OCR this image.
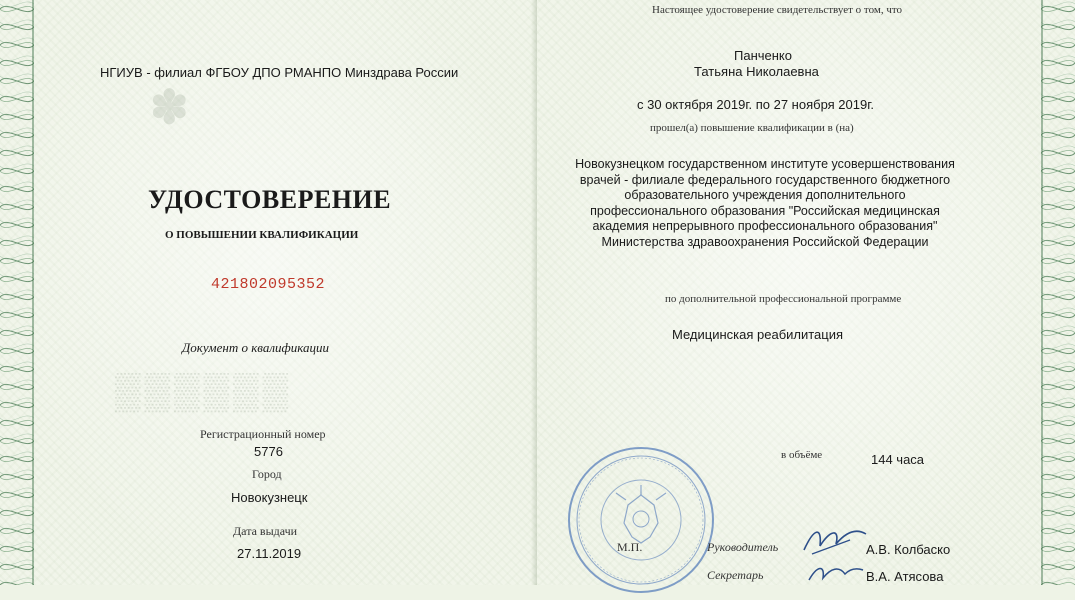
✽
▒▒▒▒▒▒
НГИУВ - филиал ФГБОУ ДПО РМАНПО Минздрава России
УДОСТОВЕРЕНИЕ
О ПОВЫШЕНИИ КВАЛИФИКАЦИИ
421802095352
Документ о квалификации
Регистрационный номер
5776
Город
Новокузнецк
Дата выдачи
27.11.2019
Настоящее удостоверение свидетельствует о том, что
Панченко
Татьяна Николаевна
с 30 октября 2019г. по 27 ноября 2019г.
прошел(а) повышение квалификации в (на)
Новокузнецком государственном институте усовершенствования
врачей - филиале федерального государственного бюджетного
образовательного учреждения дополнительного
профессионального образования "Российская медицинская
академия непрерывного профессионального образования"
Министерства здравоохранения Российской Федерации
по дополнительной профессиональной программе
Медицинская реабилитация
в объёме	144 часа
М.П.	Руководитель	А.В. Колбаско
Секретарь	В.А. Атясова
